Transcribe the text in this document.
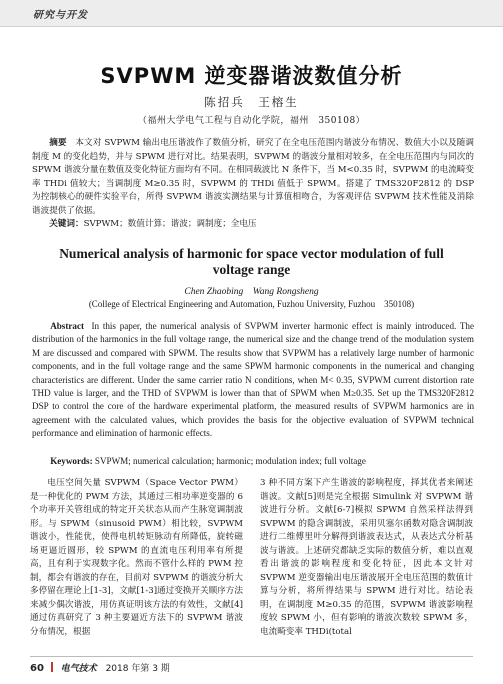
研究与开发
SVPWM 逆变器谐波数值分析
陈招兵　王榕生
（福州大学电气工程与自动化学院，福州　350108）
摘要　 本文对 SVPWM 输出电压谐波作了数值分析，研究了在全电压范围内谐波分布情况、数值大小以及随调制度 M 的变化趋势，并与 SPWM 进行对比。结果表明，SVPWM 的谐波分量相对较多，在全电压范围内与同次的 SPWM 谐波分量在数值及变化特征方面均有不同。在相同载波比 N 条件下，当 M<0.35 时，SVPWM 的电流畸变率 THDi 值较大；当调制度 M≥0.35 时，SVPWM 的 THDi 值低于 SPWM。搭建了 TMS320F2812 的 DSP 为控制核心的硬件实验平台，所得 SVPWM 谐波实测结果与计算值相吻合，为客观评估 SVPWM 技术性能及消除谐波提供了依据。
关键词：SVPWM；数值计算；谐波；调制度；全电压
Numerical analysis of harmonic for space vector modulation of full voltage range
Chen Zhaobing　Wang Rongsheng
(College of Electrical Engineering and Automation, Fuzhou University, Fuzhou　350108)
Abstract In this paper, the numerical analysis of SVPWM inverter harmonic effect is mainly introduced. The distribution of the harmonics in the full voltage range, the numerical size and the change trend of the modulation system M are discussed and compared with SPWM. The results show that SVPWM has a relatively large number of harmonic components, and in the full voltage range and the same SPWM harmonic components in the numerical and changing characteristics are different. Under the same carrier ratio N conditions, when M< 0.35, SVPWM current distortion rate THD value is larger, and the THD of SVPWM is lower than that of SPWM when M≥0.35. Set up the TMS320F2812 DSP to control the core of the hardware experimental platform, the measured results of SVPWM harmonics are in agreement with the calculated values, which provides the basis for the objective evaluation of SVPWM technical performance and elimination of harmonic effects.
Keywords: SVPWM; numerical calculation; harmonic; modulation index; full voltage
电压空间矢量 SVPWM（Space Vector PWM）是一种优化的 PWM 方法，其通过三相功率逆变器的 6 个功率开关管组成的特定开关状态从而产生脉宽调制波形。与 SPWM（sinusoid PWM）相比较，SVPWM 谐波小，性能优，使得电机转矩脉动有所降低，旋转磁场更逼近圆形，较 SPWM 的直流电压利用率有所提高，且有利于实现数字化。然而不管什么样的 PWM 控制，都会有谐波的存在，目前对 SVPWM 的谐波分析大多停留在理论上[1-3]，文献[1-3]通过变换开关顺序方法来减少偶次谐波，用仿真证明该方法的有效性，文献[4]通过仿真研究了 3 种主要逼近方法下的 SVPWM 谐波分布情况，根据
3 种不同方案下产生谐波的影响程度，择其优者来阐述谐波。文献[5]则是完全根据 Simulink 对 SVPWM 谐波进行分析。文献[6-7]模拟 SPWM 自然采样法得到 SVPWM 的隐含调制波，采用贝塞尔函数对隐含调制波进行二维傅里叶分解得到谐波表达式，从表达式分析基波与谐波。上述研究都缺乏实际的数值分析，难以直观看出谐波的影响程度和变化特征，因此本文针对 SVPWM 逆变器输出电压谐波展开全电压范围的数值计算与分析，将所得结果与 SPWM 进行对比。结论表明，在调制度 M≥0.35 的范围，SVPWM 谐波影响程度较 SPWM 小，但有影响的谐波次数较 SPWM 多，电流畸变率 THDi(total
60 电气技术 2018 年第 3 期
